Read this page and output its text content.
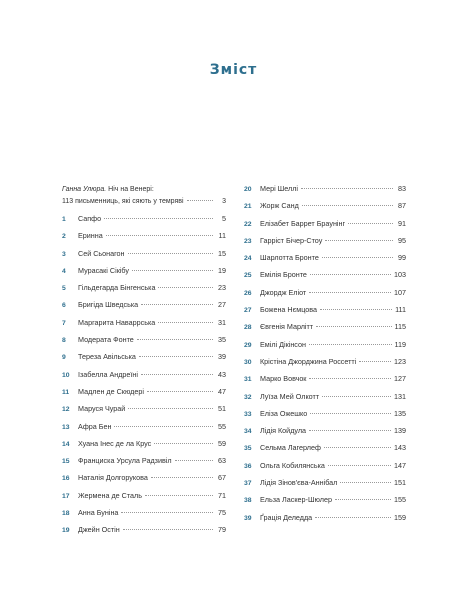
Зміст
Ганна Улюра.
Ніч на Венері:
113 письменниць, які сяють у темряві	3
1	Сапфо	5
2	Еринна	11
3	Сей Сьонагон	15
4	Мурасакі Сікібу	19
5	Гільдегарда Бінгенська	23
6	Бригіда Шведська	27
7	Маргарита Наваррська	31
8	Модерата Фонте	35
9	Тереза Авільська	39
10	Ізабелла Андреїні	43
11	Мадлен де Скюдері	47
12	Маруся Чурай	51
13	Афра Бен	55
14	Хуана Інес де ла Крус	59
15	Франциска Урсула Радзивіл	63
16	Наталія Долгорукова	67
17	Жермена де Сталь	71
18	Анна Буніна	75
19	Джейн Остін	79
20	Мері Шеллі	83
21	Жорж Санд	87
22	Елізабет Баррет Браунінг	91
23	Гарріст Бічер-Стоу	95
24	Шарлотта Бронте	99
25	Емілія Бронте	103
26	Джордж Еліот	107
27	Божена Нємцова	111
28	Євгенія Марлітт	115
29	Емілі Дікінсон	119
30	Крістіна Джорджина Россетті	123
31	Марко Вовчок	127
32	Луїза Мей Олкотт	131
33	Еліза Ожешко	135
34	Лідія Койдула	139
35	Сельма Лагерлеф	143
36	Ольга Кобилянська	147
37	Лідія Зінов'єва-Аннібал	151
38	Ельза Ласкер-Шюлер	155
39	Ґрація Деледда	159
